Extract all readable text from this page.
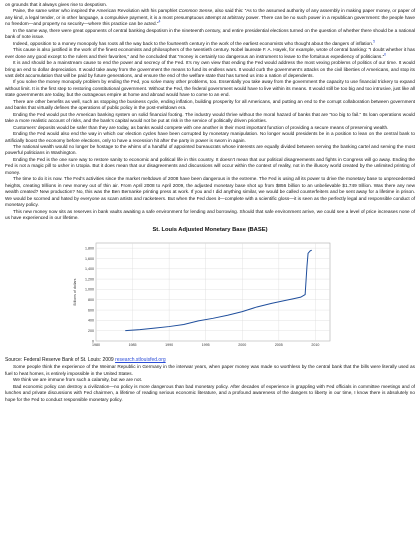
on grounds that it always gives rise to despotism.

Paine, the same writer who inspired the American Revolution with his pamphlet Common Sense, also said this: “As to the assumed authority of any assembly in making paper money, or paper of any kind, a legal tender, or in other language, a compulsive payment, it is a most presumptuous attempt at arbitrary power. There can be no such power in a republican government: the people have no freedom—and property no security—where this practice can be acted.”$^4$

In the same way, there were great opponents of central banking despotism in the nineteenth century, and entire presidential elections turned on the question of whether there should be a national bank of note issue.

Indeed, opposition to a money monopoly has roots all the way back to the fourteenth century in the work of the earliest economists who thought about the dangers of inflation.$^5$

This cause is also justified in the work of the finest economists and philosophers of the twentieth century. Nobel laureate F. A. Hayek, for example, wrote of central banking: “I doubt whether it has ever done any good except to the rulers and their favorites,” and he concluded that “money is certainly too dangerous an instrument to leave to the fortuitous expediency of politicians.”$^6$

It is and should be a mainstream cause to end the power and secrecy of the Fed. It’s my own view that ending the Fed would address the most vexing problems of politics of our time. It would bring an end to dollar depreciation. It would take away from the government the means to fund its endless wars. It would curb the government’s attacks on the civil liberties of Americans, and stop its vast debt accumulation that will be paid by future generations, and ensure the end of the welfare state that has turned us into a nation of dependents.

If you solve the money monopoly problem by ending the Fed, you solve many other problems, too. Essentially you take away from the government the capacity to use financial trickery to expand without limit. It is the first step to restoring constitutional government. Without the Fed, the federal government would have to live within its means. It would still be too big and too intrusive, just like all state governments are today, but the outrageous empire at home and abroad would have to come to an end.

There are other benefits as well, such as stopping the business cycle, ending inflation, building prosperity for all Americans, and putting an end to the corrupt collaboration between government and banks that virtually defines the operations of public policy in the post-meltdown era.

Ending the Fed would put the American banking system on solid financial footing. The industry would thrive without the moral hazard of banks that are “too big to fail.” Its loan operations would take a more realistic account of risks, and the bank’s capital would not be put at risk in the service of politically driven priorities.

Customers’ deposits would be safer than they are today, as banks would compete with one another in their most important function of providing a secure means of preserving wealth.

Ending the Fed would also end the way in which our election cycles have been corrupted by monetary manipulation. No longer would presidents be in a position to lean on the central bank to artificially boost the economy before elections, only to have a recession hit after the party in power is sworn in again.

The national wealth would no longer be hostage to the whims of a handful of appointed bureaucrats whose interests are equally divided between serving the banking cartel and serving the most powerful politicians in Washington.

Ending the Fed is the one sure way to restore sanity to economic and political life in this country. It doesn’t mean that our political disagreements and fights in Congress will go away. Ending the Fed is not a magic pill to usher in Utopia. But it does mean that our disagreements and discussions will occur within the context of reality, not in the illusory world created by the unlimited printing of money.

The time to do it is now. The Fed’s activities since the market meltdown of 2008 have been dangerous in the extreme. The Fed is using all its power to drive the monetary base to unprecedented heights, creating trillions in new money out of thin air. From April 2008 to April 2009, the adjusted monetary base shot up from $856 billion to an unbelievable $1.749 trillion. Was there any new wealth created? New production? No, this was the Ben Bernanke printing press at work. If you and I did anything similar, we would be called counterfeiters and be sent away for a lifetime in prison. We would be scorned and hated by everyone as scam artists and racketeers. But when the Fed does it—complete with a scientific gloss—it is seen as the perfectly legal and responsible conduct of monetary policy.

This new money now sits as reserves in bank vaults awaiting a safe environment for lending and borrowing. Should that safe environment arrive, we could see a level of price increases none of us have experienced in our lifetime.

St. Louis Adjusted Monetary Base (BASE)
0
200
400
600
800
1,000
1,200
1,400
1,600
1,800
1980	1985	1990	1995	2000	2005	2010
Billions of dollars
Source: Federal Reserve Bank of St. Louis: 2009 research.stlouisfed.org

Some people think the experience of the Weimar Republic in Germany in the interwar years, when paper money was made so worthless by the central bank that the bills were literally used as fuel to heat homes, is entirely impossible in the United States.

We think we are immune from such a calamity, but we are not.

Bad economic policy can destroy a civilization—no policy is more dangerous than bad monetary policy. After decades of experience in grappling with Fed officials in committee meetings and of lunches and private discussions with Fed chairmen, a lifetime of reading serious economic literature, and a profound awareness of the dangers to liberty in our time, I know there is absolutely no hope for the Fed to conduct responsible monetary policy.
